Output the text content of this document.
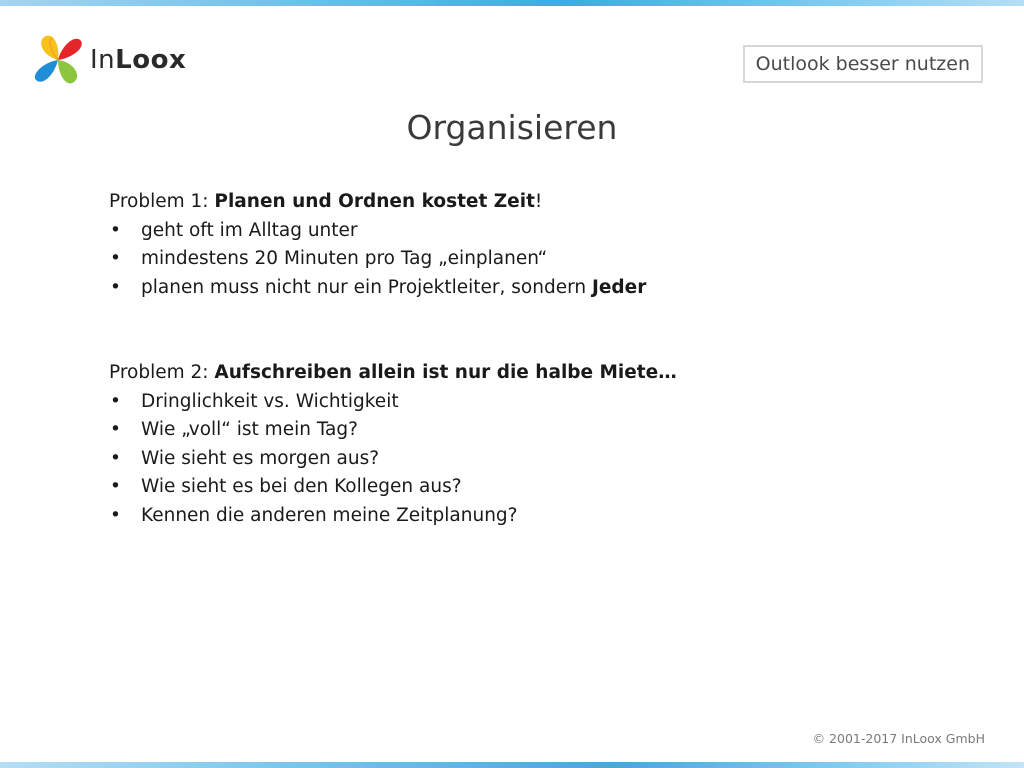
InLoox	Outlook besser nutzen
Organisieren

Problem 1: Planen und Ordnen kostet Zeit!

• geht oft im Alltag unter
• mindestens 20 Minuten pro Tag „einplanen“
• planen muss nicht nur ein Projektleiter, sondern Jeder

Problem 2: Aufschreiben allein ist nur die halbe Miete…

• Dringlichkeit vs. Wichtigkeit
• Wie „voll“ ist mein Tag?
• Wie sieht es morgen aus?
• Wie sieht es bei den Kollegen aus?
• Kennen die anderen meine Zeitplanung?
© 2001-2017 InLoox GmbH
